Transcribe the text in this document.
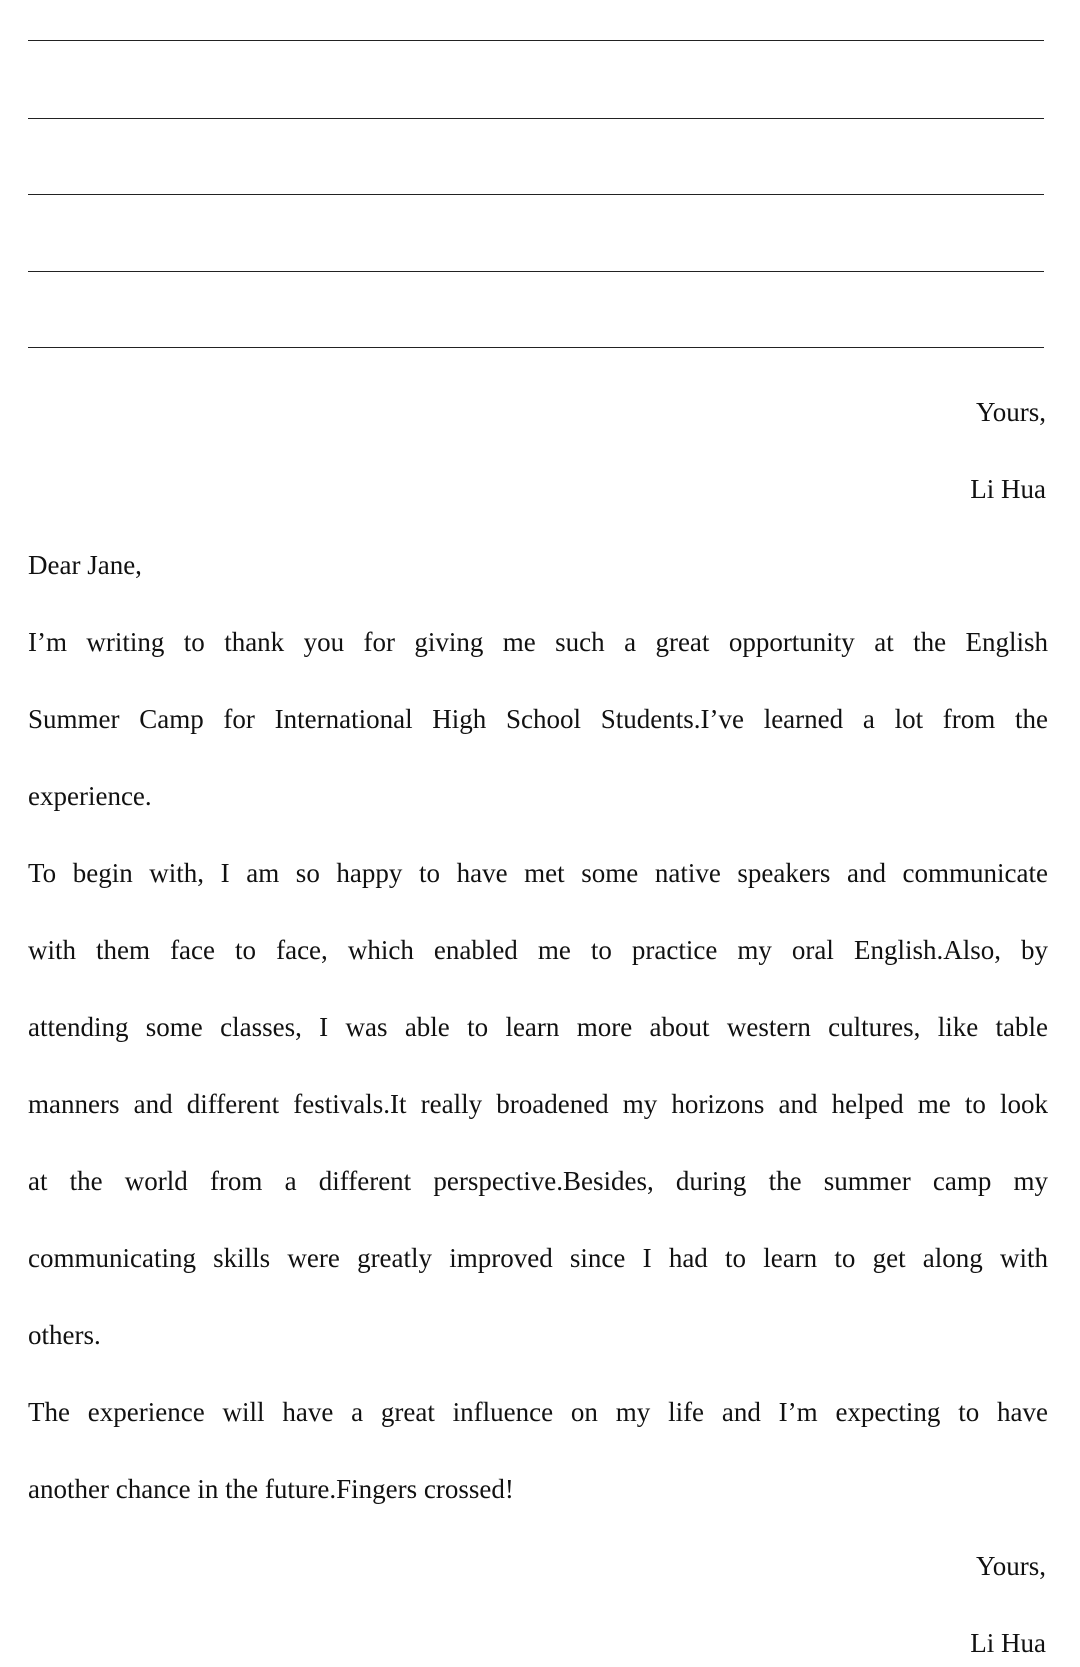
Yours,
Li Hua
Dear Jane,
I’m writing to thank you for giving me such a great opportunity at the English
Summer Camp for International High School Students.I’ve learned a lot from the
experience.
To begin with, I am so happy to have met some native speakers and communicate
with them face to face, which enabled me to practice my oral English.Also, by
attending some classes, I was able to learn more about western cultures, like table
manners and different festivals.It really broadened my horizons and helped me to look
at the world from a different perspective.Besides, during the summer camp my
communicating skills were greatly improved since I had to learn to get along with
others.
The experience will have a great influence on my life and I’m expecting to have
another chance in the future.Fingers crossed!
Yours,
Li Hua
